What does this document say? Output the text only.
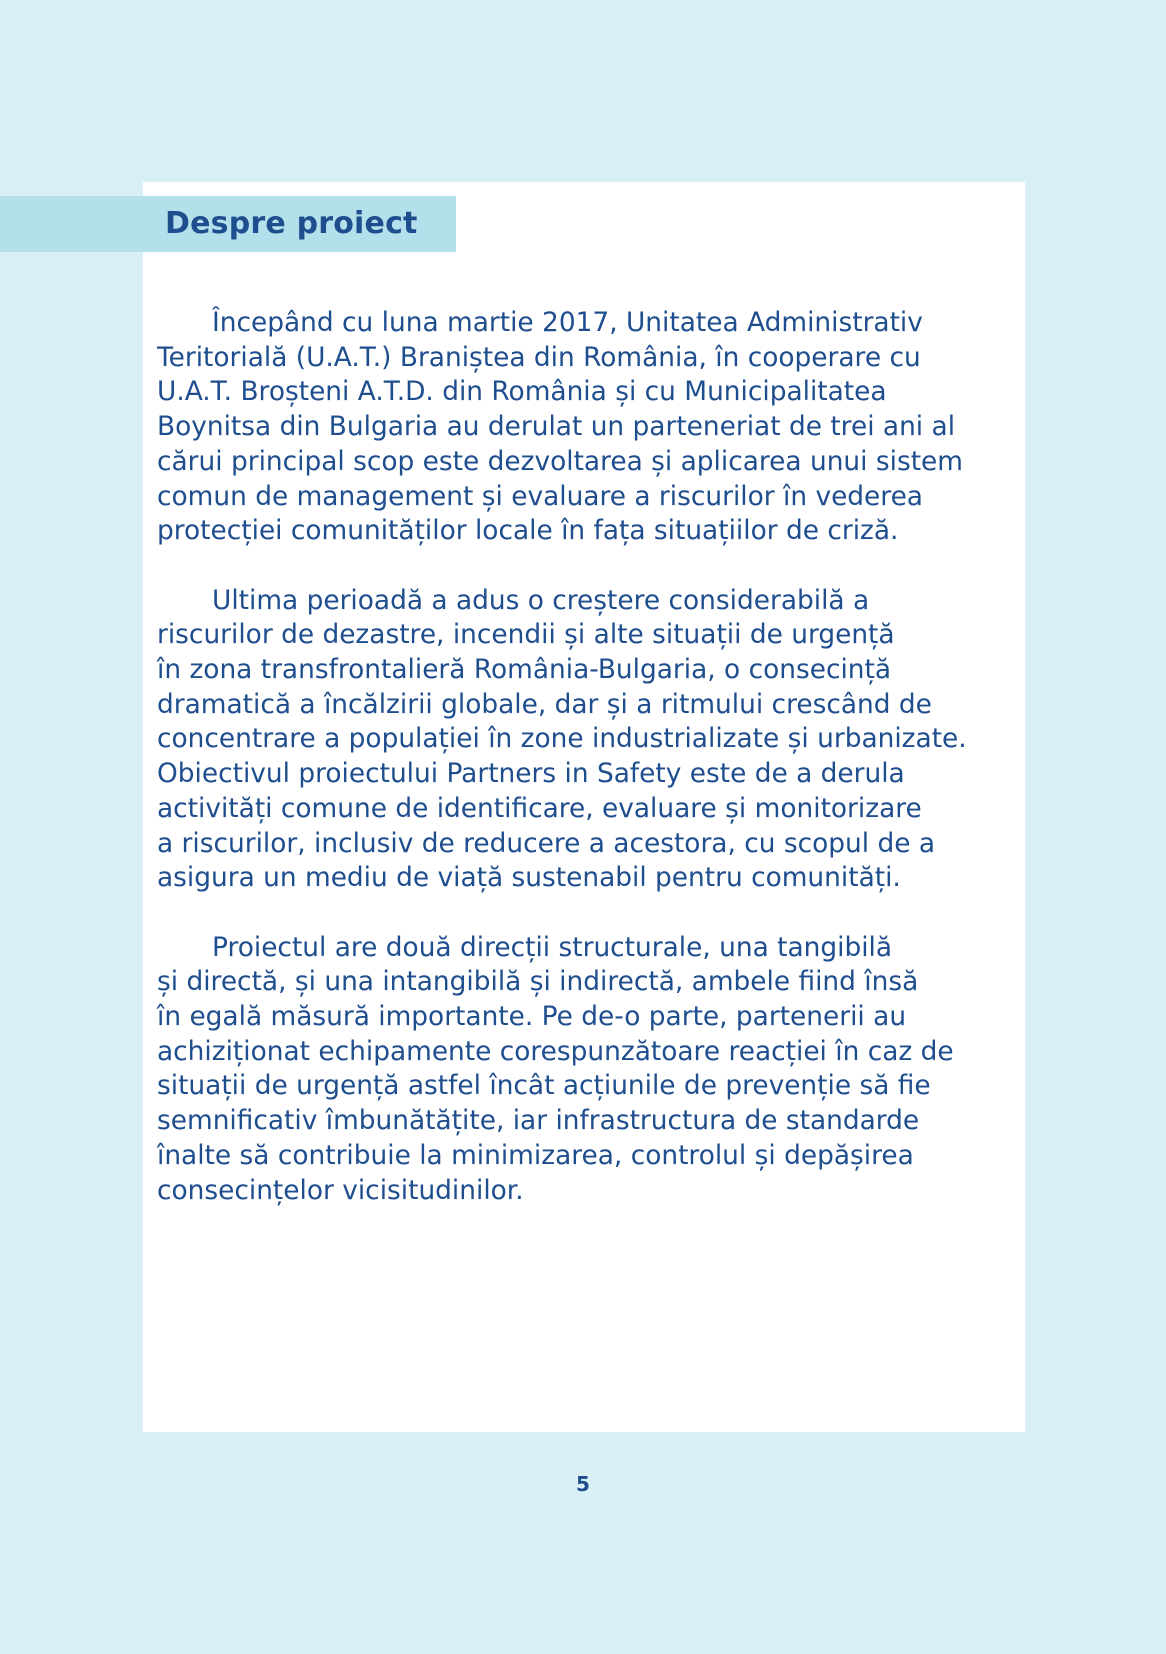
Despre proiect

Începând cu luna martie 2017, Unitatea Administrativ
Teritorială (U.A.T.) Braniștea din România, în cooperare cu
U.A.T. Broșteni A.T.D. din România și cu Municipalitatea
Boynitsa din Bulgaria au derulat un parteneriat de trei ani al
cărui principal scop este dezvoltarea și aplicarea unui sistem
comun de management și evaluare a riscurilor în vederea
protecției comunităților locale în fața situațiilor de criză.

Ultima perioadă a adus o creștere considerabilă a
riscurilor de dezastre, incendii și alte situații de urgență
în zona transfrontalieră România-Bulgaria, o consecință
dramatică a încălzirii globale, dar și a ritmului crescând de
concentrare a populației în zone industrializate și urbanizate.
Obiectivul proiectului Partners in Safety este de a derula
activități comune de identificare, evaluare și monitorizare
a riscurilor, inclusiv de reducere a acestora, cu scopul de a
asigura un mediu de viață sustenabil pentru comunități.

Proiectul are două direcții structurale, una tangibilă
și directă, și una intangibilă și indirectă, ambele fiind însă
în egală măsură importante. Pe de-o parte, partenerii au
achiziționat echipamente corespunzătoare reacției în caz de
situații de urgență astfel încât acțiunile de prevenție să fie
semnificativ îmbunătățite, iar infrastructura de standarde
înalte să contribuie la minimizarea, controlul și depășirea
consecințelor vicisitudinilor.

5
